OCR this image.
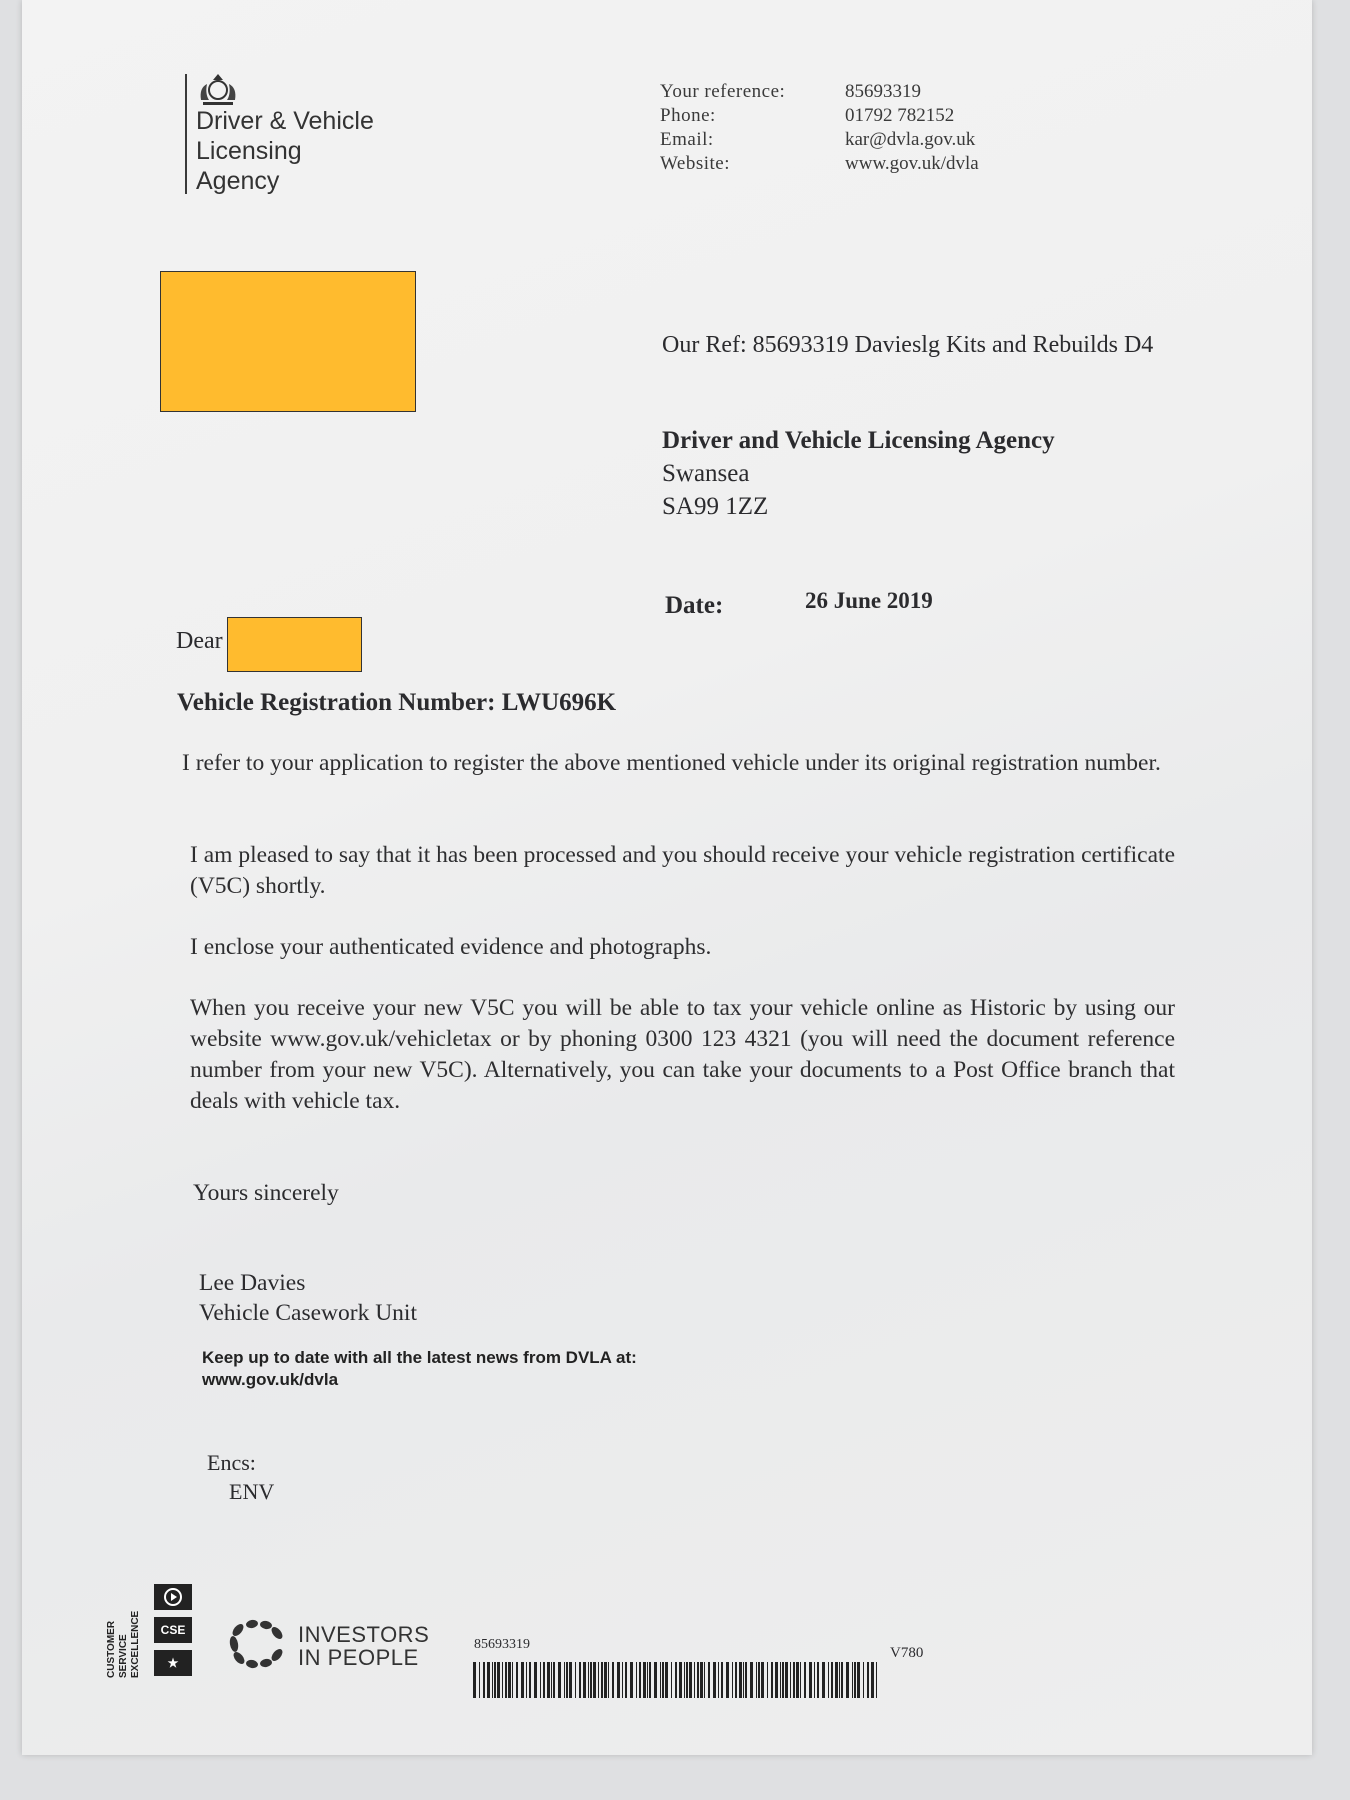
Driver & Vehicle
Licensing
Agency
Your reference:	85693319
Phone:	01792 782152
Email:	kar@dvla.gov.uk
Website:	www.gov.uk/dvla
Our Ref: 85693319 Davieslg Kits and Rebuilds D4
Driver and Vehicle Licensing Agency
Swansea
SA99 1ZZ
Date:	26 June 2019
Dear
Vehicle Registration Number: LWU696K
I refer to your application to register the above mentioned vehicle under its original registration number.
I am pleased to say that it has been processed and you should receive your vehicle registration certificate (V5C) shortly.
I enclose your authenticated evidence and photographs.
When you receive your new V5C you will be able to tax your vehicle online as Historic by using our website www.gov.uk/vehicletax or by phoning 0300 123 4321 (you will need the document reference number from your new V5C). Alternatively, you can take your documents to a Post Office branch that deals with vehicle tax.
Yours sincerely
Lee Davies
Vehicle Casework Unit
Keep up to date with all the latest news from DVLA at:
www.gov.uk/dvla
Encs:
ENV
CUSTOMER SERVICE EXCELLENCE	CSE
★
INVESTORS
IN PEOPLE
85693319
V780
